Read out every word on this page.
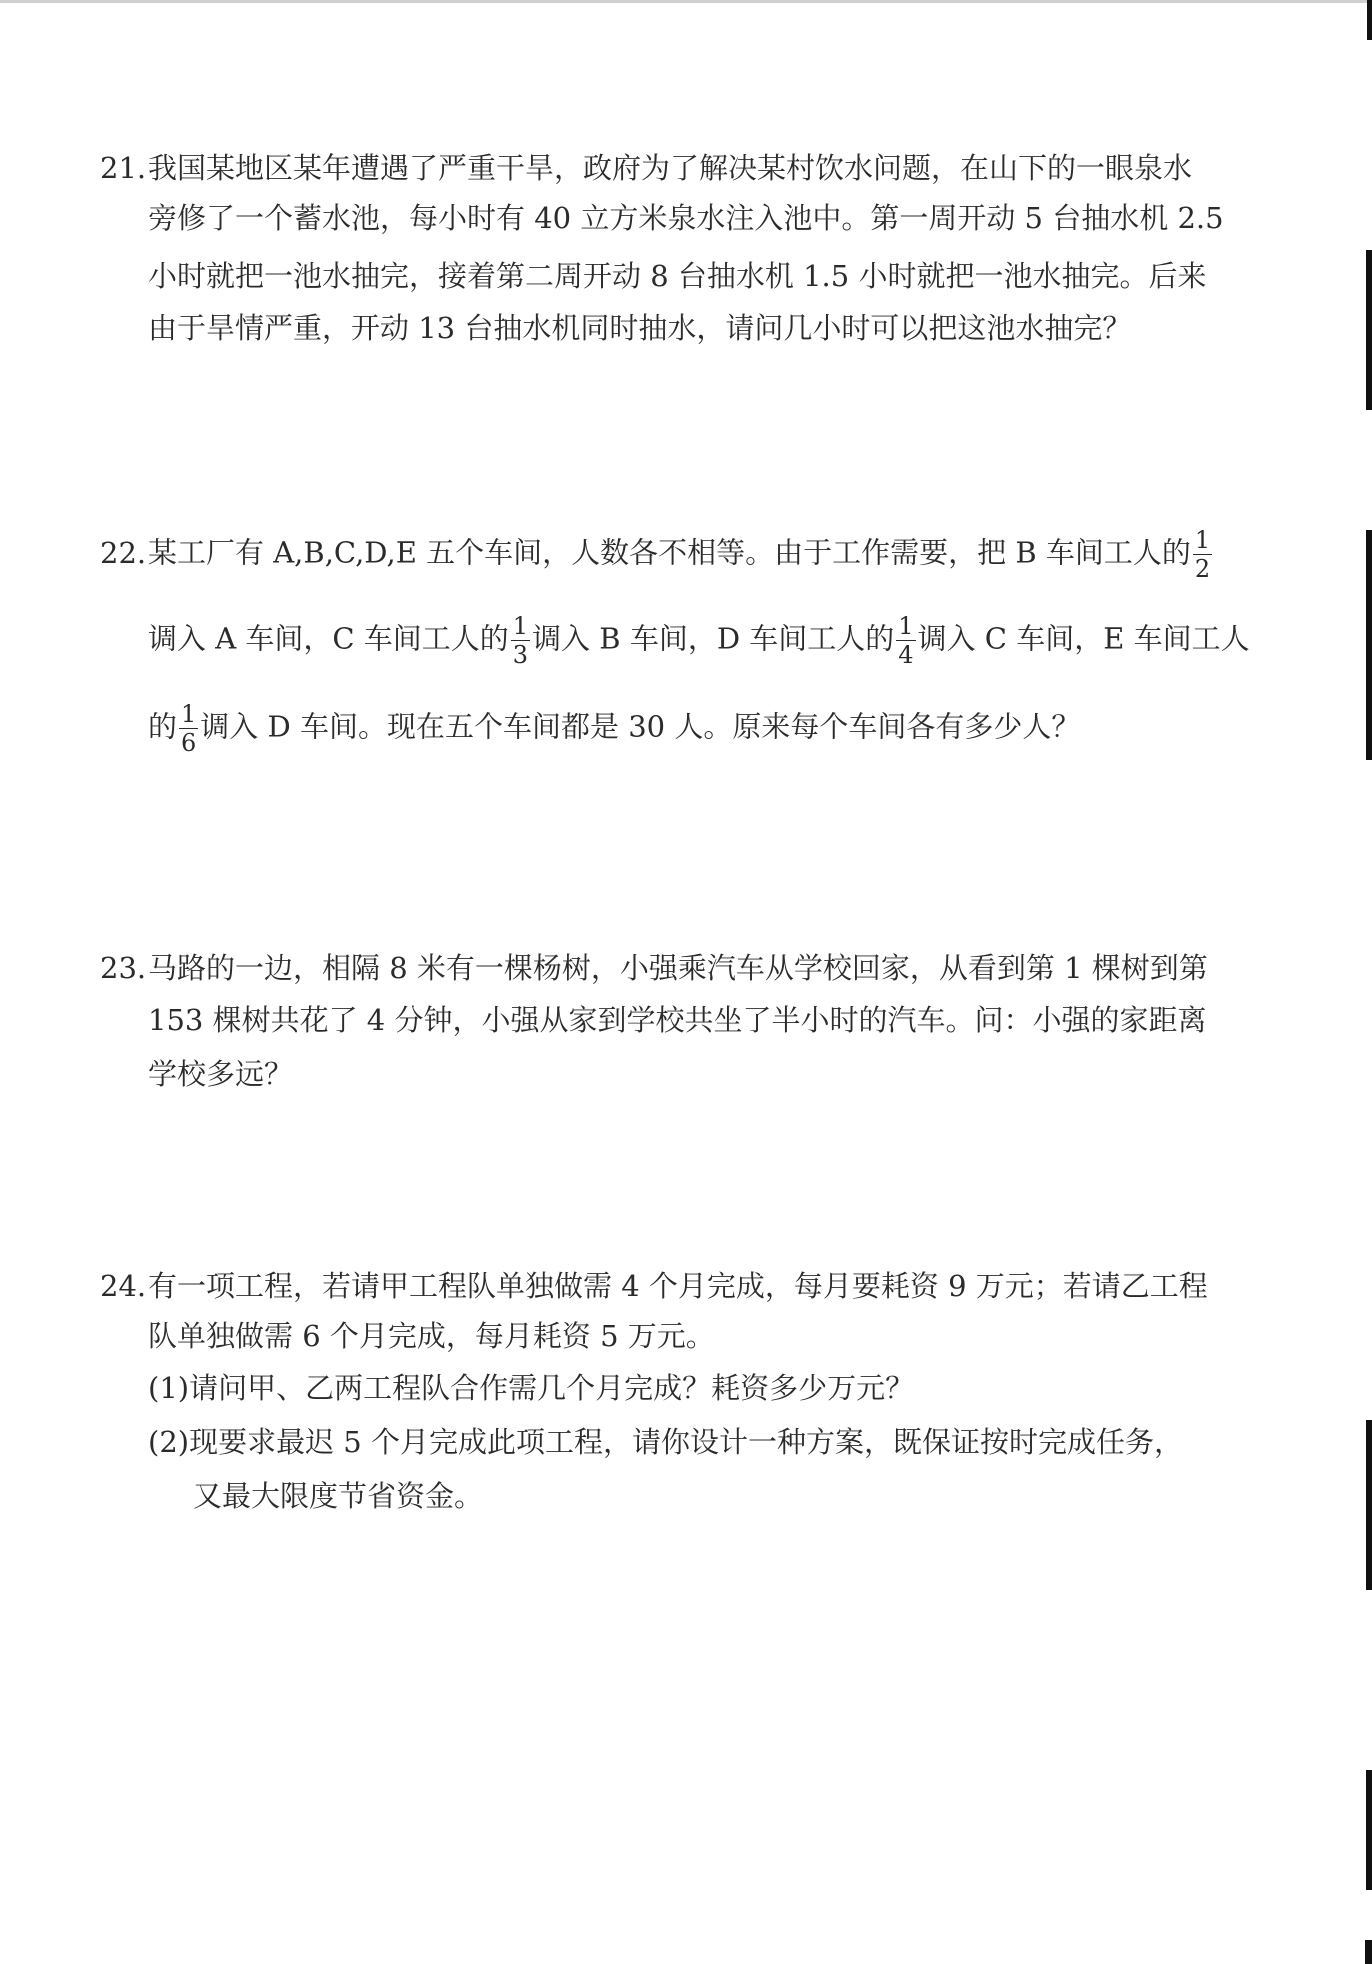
21.我国某地区某年遭遇了严重干旱，政府为了解决某村饮水问题，在山下的一眼泉水
旁修了一个蓄水池，每小时有 40 立方米泉水注入池中。第一周开动 5 台抽水机 2.5
小时就把一池水抽完，接着第二周开动 8 台抽水机 1.5 小时就把一池水抽完。后来
由于旱情严重，开动 13 台抽水机同时抽水，请问几小时可以把这池水抽完？
22.某工厂有 A,B,C,D,E 五个车间，人数各不相等。由于工作需要，把 B 车间工人的 $\frac{1}{2}$
调入 A 车间，C 车间工人的 $\frac{1}{3}$ 调入 B 车间，D 车间工人的 $\frac{1}{4}$ 调入 C 车间，E 车间工人
的 $\frac{1}{6}$ 调入 D 车间。现在五个车间都是 30 人。原来每个车间各有多少人？
23.马路的一边，相隔 8 米有一棵杨树，小强乘汽车从学校回家，从看到第 1 棵树到第
153 棵树共花了 4 分钟，小强从家到学校共坐了半小时的汽车。问：小强的家距离
学校多远？
24.有一项工程，若请甲工程队单独做需 4 个月完成，每月要耗资 9 万元；若请乙工程
队单独做需 6 个月完成，每月耗资 5 万元。
(1)请问甲、乙两工程队合作需几个月完成？耗资多少万元？
(2)现要求最迟 5 个月完成此项工程，请你设计一种方案，既保证按时完成任务，
又最大限度节省资金。
